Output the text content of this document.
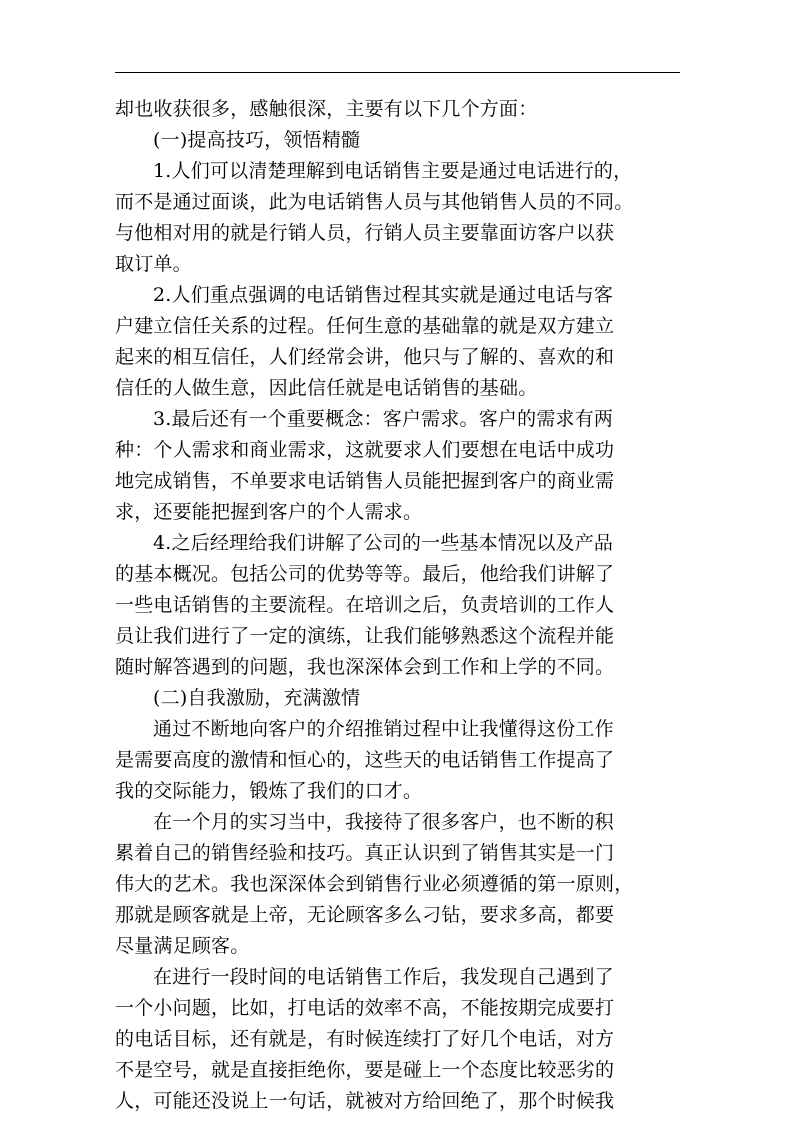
却也收获很多，感触很深，主要有以下几个方面：
(一)提高技巧，领悟精髓
1.人们可以清楚理解到电话销售主要是通过电话进行的，
而不是通过面谈，此为电话销售人员与其他销售人员的不同。
与他相对用的就是行销人员，行销人员主要靠面访客户以获
取订单。
2.人们重点强调的电话销售过程其实就是通过电话与客
户建立信任关系的过程。任何生意的基础靠的就是双方建立
起来的相互信任，人们经常会讲，他只与了解的、喜欢的和
信任的人做生意，因此信任就是电话销售的基础。
3.最后还有一个重要概念：客户需求。客户的需求有两
种：个人需求和商业需求，这就要求人们要想在电话中成功
地完成销售，不单要求电话销售人员能把握到客户的商业需
求，还要能把握到客户的个人需求。
4.之后经理给我们讲解了公司的一些基本情况以及产品
的基本概况。包括公司的优势等等。最后，他给我们讲解了
一些电话销售的主要流程。在培训之后，负责培训的工作人
员让我们进行了一定的演练，让我们能够熟悉这个流程并能
随时解答遇到的问题，我也深深体会到工作和上学的不同。
(二)自我激励，充满激情
通过不断地向客户的介绍推销过程中让我懂得这份工作
是需要高度的激情和恒心的，这些天的电话销售工作提高了
我的交际能力，锻炼了我们的口才。
在一个月的实习当中，我接待了很多客户，也不断的积
累着自己的销售经验和技巧。真正认识到了销售其实是一门
伟大的艺术。我也深深体会到销售行业必须遵循的第一原则，
那就是顾客就是上帝，无论顾客多么刁钻，要求多高，都要
尽量满足顾客。
在进行一段时间的电话销售工作后，我发现自己遇到了
一个小问题，比如，打电话的效率不高，不能按期完成要打
的电话目标，还有就是，有时候连续打了好几个电话，对方
不是空号，就是直接拒绝你，要是碰上一个态度比较恶劣的
人，可能还没说上一句话，就被对方给回绝了，那个时候我
